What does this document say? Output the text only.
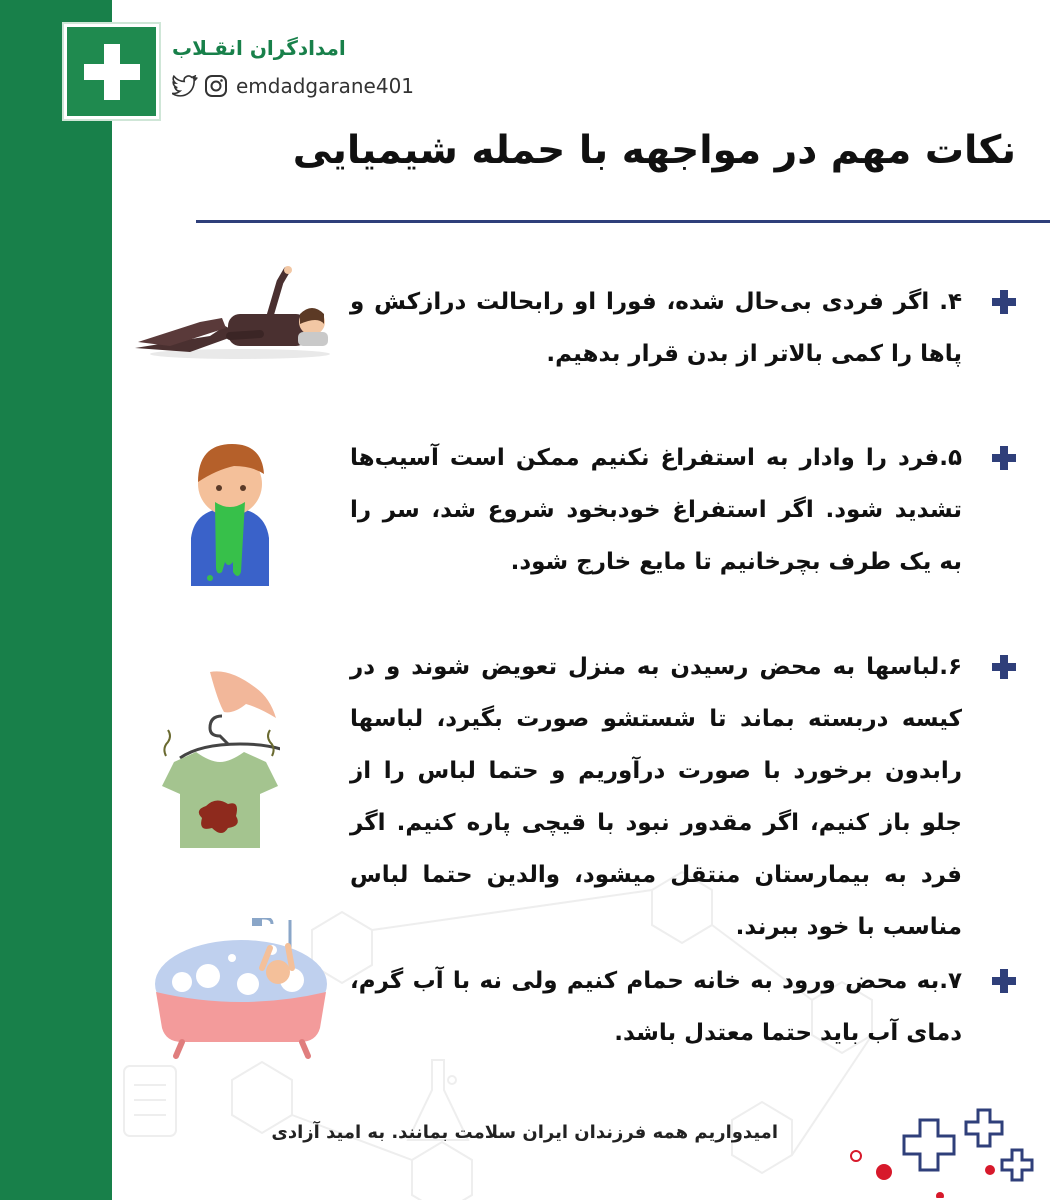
امدادگران انقـلاب
emdadgarane401
نکات مهم در مواجهه با حمله شیمیایی
۴. اگر فردی بی‌حال شده، فورا او رابحالت درازکش و پاها را کمی بالاتر از بدن قرار بدهیم.
۵.فرد را وادار به استفراغ نکنیم ممکن است آسیب‌ها تشدید شود. اگر استفراغ خودبخود شروع شد، سر را به یک طرف بچرخانیم تا مایع خارج شود.
۶.لباسها به محض رسیدن به منزل تعویض شوند و در کیسه دربسته بماند تا شستشو صورت بگیرد، لباسها رابدون برخورد با صورت درآوریم و حتما لباس را از جلو باز کنیم، اگر مقدور نبود با قیچی پاره کنیم. اگر فرد به بیمارستان منتقل میشود، والدین حتما لباس مناسب با خود ببرند.
۷.به محض ورود به خانه حمام کنیم ولی نه با آب گرم، دمای آب باید حتما معتدل باشد.
امیدواریم همه فرزندان ایران سلامت بمانند. به امید آزادی
